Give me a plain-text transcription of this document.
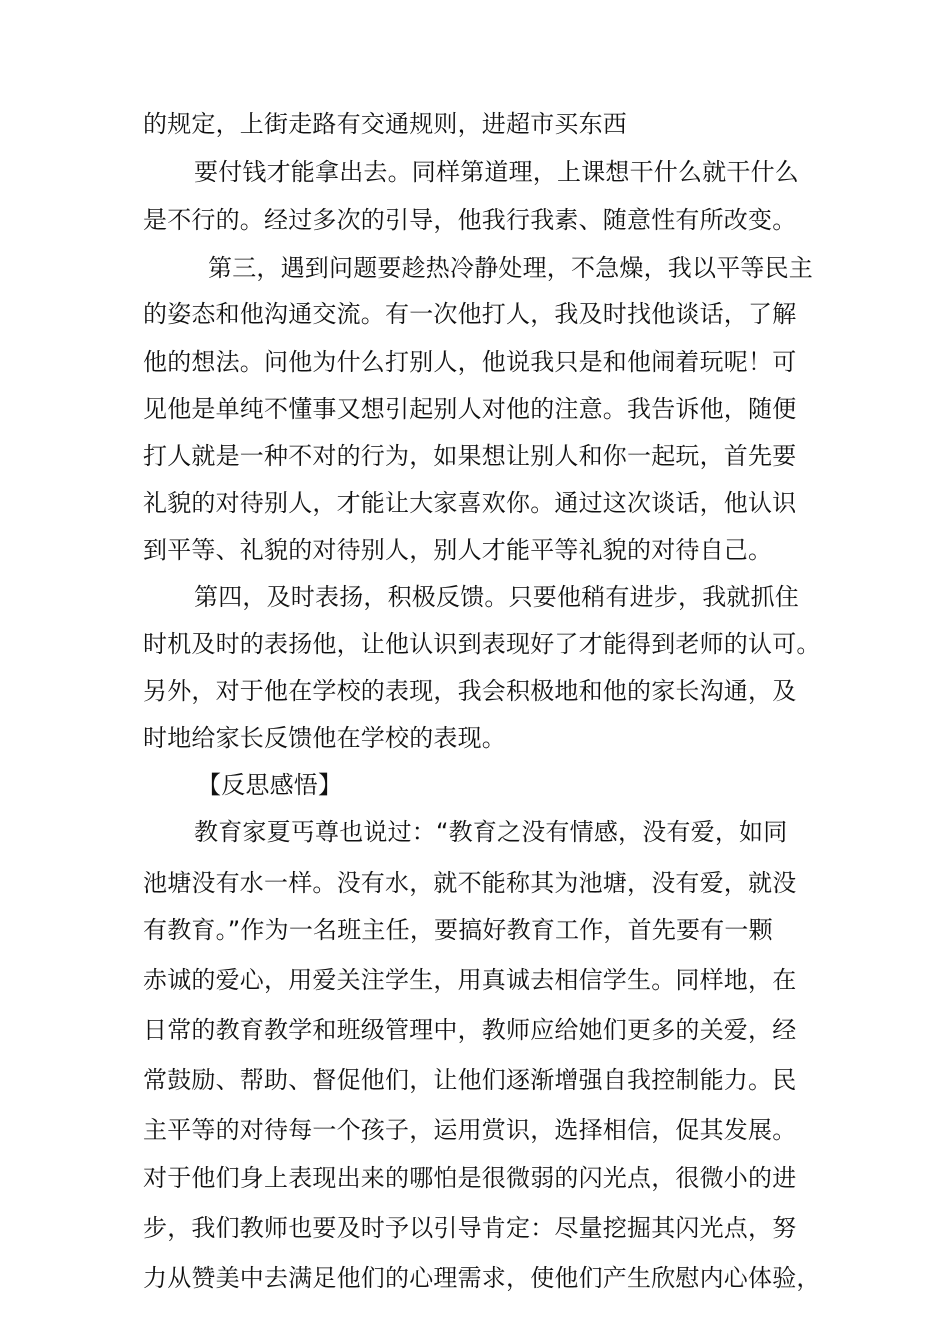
的规定，上街走路有交通规则，进超市买东西
要付钱才能拿出去。同样第道理，上课想干什么就干什么
是不行的。经过多次的引导，他我行我素、随意性有所改变。
第三，遇到问题要趁热冷静处理，不急燥，我以平等民主
的姿态和他沟通交流。有一次他打人，我及时找他谈话，了解
他的想法。问他为什么打别人，他说我只是和他闹着玩呢！可
见他是单纯不懂事又想引起别人对他的注意。我告诉他，随便
打人就是一种不对的行为，如果想让别人和你一起玩，首先要
礼貌的对待别人，才能让大家喜欢你。通过这次谈话，他认识
到平等、礼貌的对待别人，别人才能平等礼貌的对待自己。
第四，及时表扬，积极反馈。只要他稍有进步，我就抓住
时机及时的表扬他，让他认识到表现好了才能得到老师的认可。
另外，对于他在学校的表现，我会积极地和他的家长沟通，及
时地给家长反馈他在学校的表现。
【反思感悟】
教育家夏丐尊也说过：“教育之没有情感，没有爱，如同
池塘没有水一样。没有水，就不能称其为池塘，没有爱，就没
有教育。”作为一名班主任，要搞好教育工作，首先要有一颗
赤诚的爱心，用爱关注学生，用真诚去相信学生。同样地，在
日常的教育教学和班级管理中，教师应给她们更多的关爱，经
常鼓励、帮助、督促他们，让他们逐渐增强自我控制能力。民
主平等的对待每一个孩子，运用赏识，选择相信，促其发展。
对于他们身上表现出来的哪怕是很微弱的闪光点，很微小的进
步，我们教师也要及时予以引导肯定：尽量挖掘其闪光点，努
力从赞美中去满足他们的心理需求，使他们产生欣慰内心体验，
